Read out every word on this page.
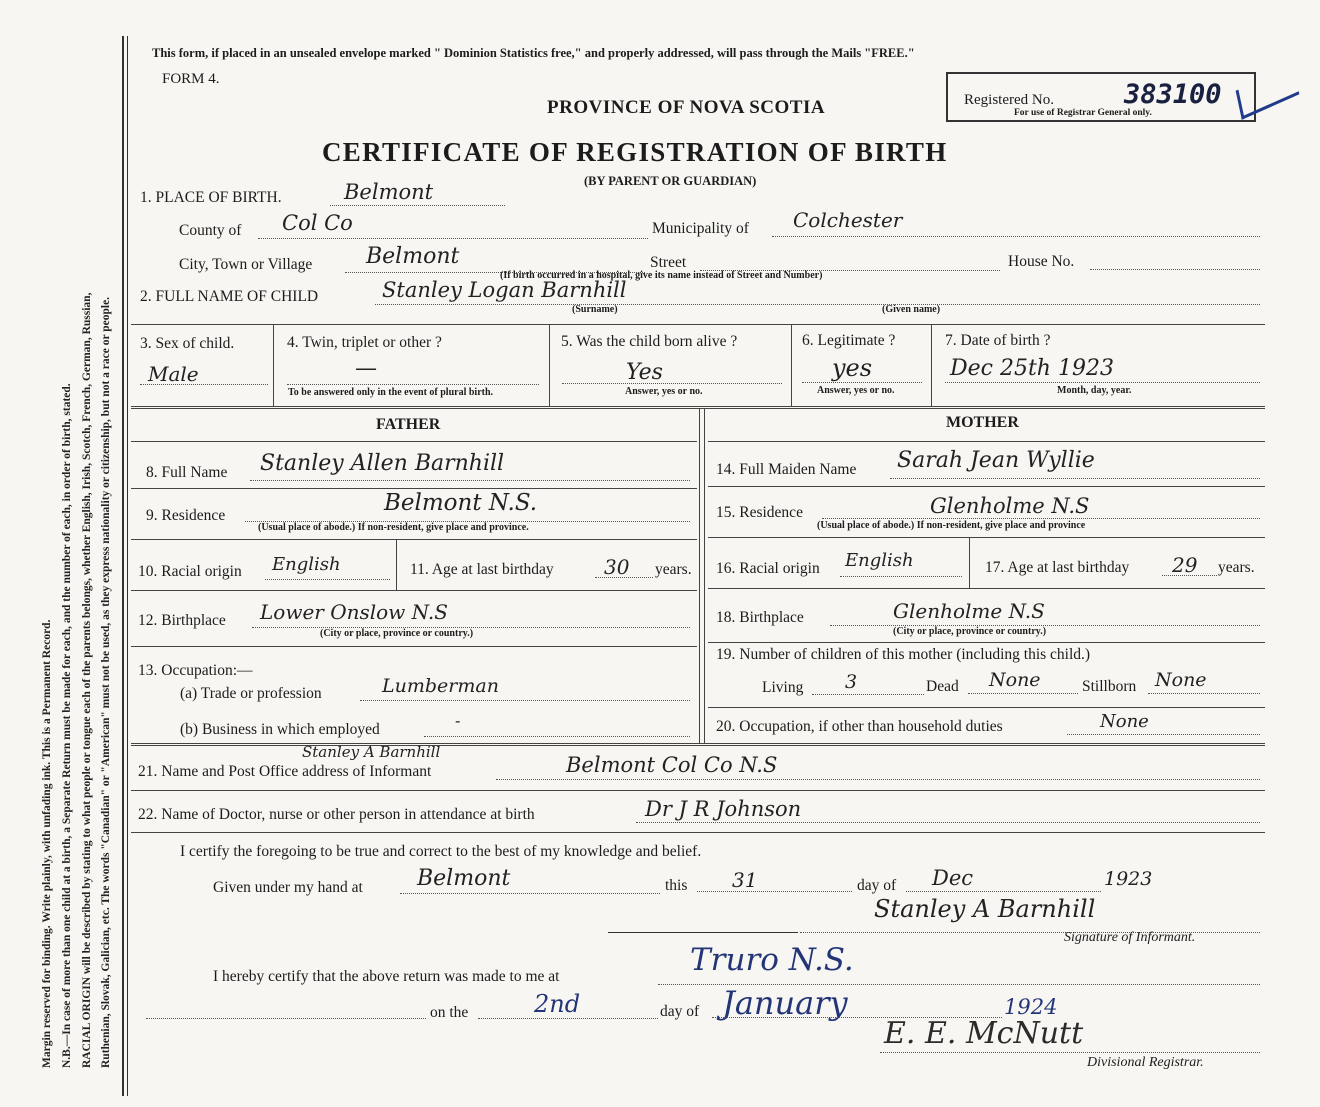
Margin reserved for binding. Write plainly, with unfading ink. This is a Permanent Record. N.B.—In case of more than one child at a birth, a Separate Return must be made for each, and the number of each, in order of birth, stated. RACIAL ORIGIN will be described by stating to what people or tongue each of the parents belongs, whether English, Irish, Scotch, French, German, Russian, Ruthenian, Slovak, Galician, etc. The words "Canadian" or "American" must not be used, as they express nationality or citizenship, but not a race or people.
This form, if placed in an unsealed envelope marked " Dominion Statistics free," and properly addressed, will pass through the Mails "FREE."
FORM 4.
PROVINCE OF NOVA SCOTIA	Registered No.	383100
For use of Registrar General only.
CERTIFICATE OF REGISTRATION OF BIRTH
(BY PARENT OR GUARDIAN)
1. PLACE OF BIRTH.	Belmont
County of Col Co	Municipality of Colchester
City, Town or Village Belmont	Street	House No.
(If birth occurred in a hospital, give its name instead of Street and Number)
2. FULL NAME OF CHILD	Stanley Logan Barnhill
(Surname)	(Given name)
3. Sex of child.
Male
4. Twin, triplet or other ?
—
To be answered only in the event of plural birth.
5. Was the child born alive ?
Yes
Answer, yes or no.
6. Legitimate ?
yes
Answer, yes or no.
7. Date of birth ?
Dec 25th 1923
Month, day, year.
FATHER	MOTHER
8. Full Name Stanley Allen Barnhill
9. Residence	Belmont N.S.
(Usual place of abode.) If non-resident, give place and province.
10. Racial origin English	11. Age at last birthday	30 years.
12. Birthplace Lower Onslow N.S
(City or place, province or country.)
13. Occupation:—
(a) Trade or profession	Lumberman
(b) Business in which employed	-
14. Full Maiden Name Sarah Jean Wyllie
15. Residence	Glenholme N.S
(Usual place of abode.) If non-resident, give place and province
16. Racial origin English	17. Age at last birthday 29 years.
18. Birthplace	Glenholme N.S
(City or place, province or country.)
19. Number of children of this mother (including this child.)
Living 3	Dead None	Stillborn None
20. Occupation, if other than household duties	None
21. Name and Post Office address of Informant
Stanley A Barnhill
Belmont Col Co N.S
22. Name of Doctor, nurse or other person in attendance at birth	Dr J R Johnson
I certify the foregoing to be true and correct to the best of my knowledge and belief.
Given under my hand at Belmont	this 31	day of Dec	1923
Stanley A Barnhill
Signature of Informant.
I hereby certify that the above return was made to me at	Truro N.S.
on the	2nd	day of January	1924
E. E. McNutt
Divisional Registrar.
